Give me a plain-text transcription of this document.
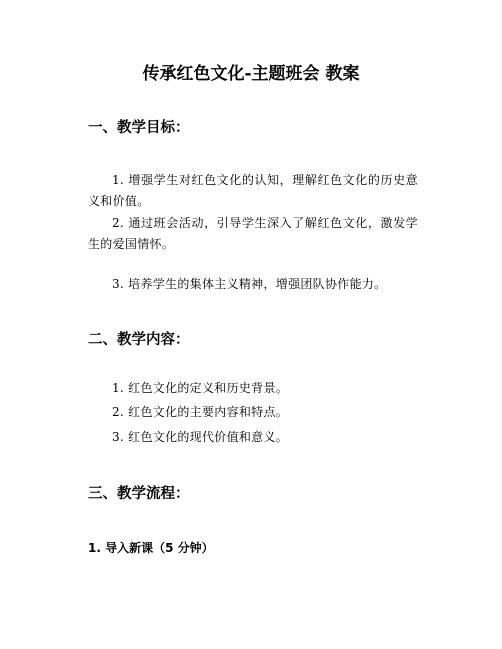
传承红色文化-主题班会 教案
一、教学目标：
1. 增强学生对红色文化的认知，理解红色文化的历史意义和价值。
2. 通过班会活动，引导学生深入了解红色文化，激发学生的爱国情怀。
3. 培养学生的集体主义精神，增强团队协作能力。
二、教学内容：
1. 红色文化的定义和历史背景。
2. 红色文化的主要内容和特点。
3. 红色文化的现代价值和意义。
三、教学流程：
1. 导入新课（5 分钟）
